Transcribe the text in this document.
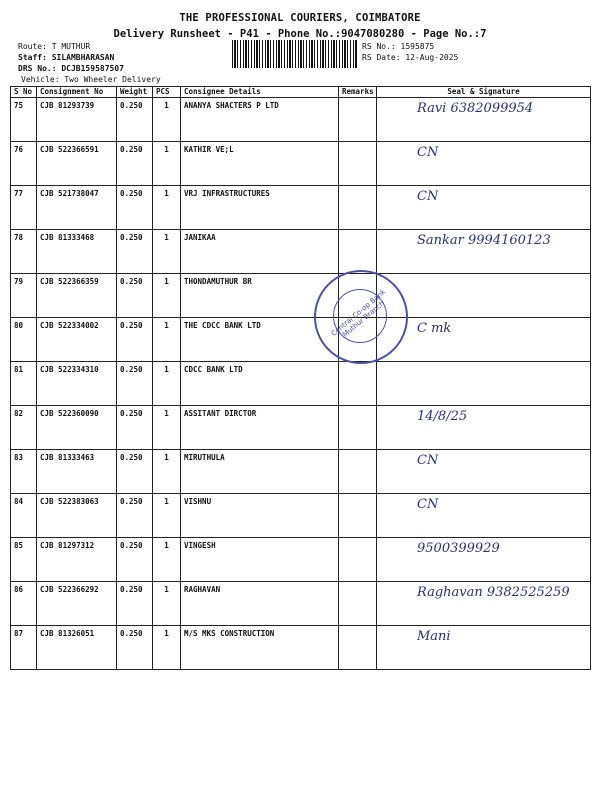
THE PROFESSIONAL COURIERS, COIMBATORE
Delivery Runsheet - P41 - Phone No.:9047080280 - Page No.:7
Route: T MUTHUR
Staff: SILAMBHARASAN
DRS No.: DCJB159587507
Vehicle: Two Wheeler Delivery
RS No.: 1595875
RS Date: 12-Aug-2025
S No	Consignment No	Weight	PCS	Consignee Details	Remarks	Seal & Signature
75	CJB 81293739	0.250	1	ANANYA SHACTERS P LTD		Ravi 6382099954
76	CJB 522366591	0.250	1	KATHIR VE;L		CN
77	CJB 521738047	0.250	1	VRJ INFRASTRUCTURES		CN
78	CJB 81333468	0.250	1	JANIKAA		Sankar 9994160123
79	CJB 522366359	0.250	1	THONDAMUTHUR BR		
80	CJB 522334002	0.250	1	THE CDCC BANK LTD		C mk
81	CJB 522334310	0.250	1	CDCC BANK LTD		
82	CJB 522360090	0.250	1	ASSITANT DIRCTOR		14/8/25
83	CJB 81333463	0.250	1	MIRUTHULA		CN
84	CJB 522383063	0.250	1	VISHNU		CN
85	CJB 81297312	0.250	1	VINGESH		9500399929
86	CJB 522366292	0.250	1	RAGHAVAN		Raghavan 9382525259
87	CJB 81326051	0.250	1	M/S MKS CONSTRUCTION		Mani
Central Co-op Bank Muthur Branch
